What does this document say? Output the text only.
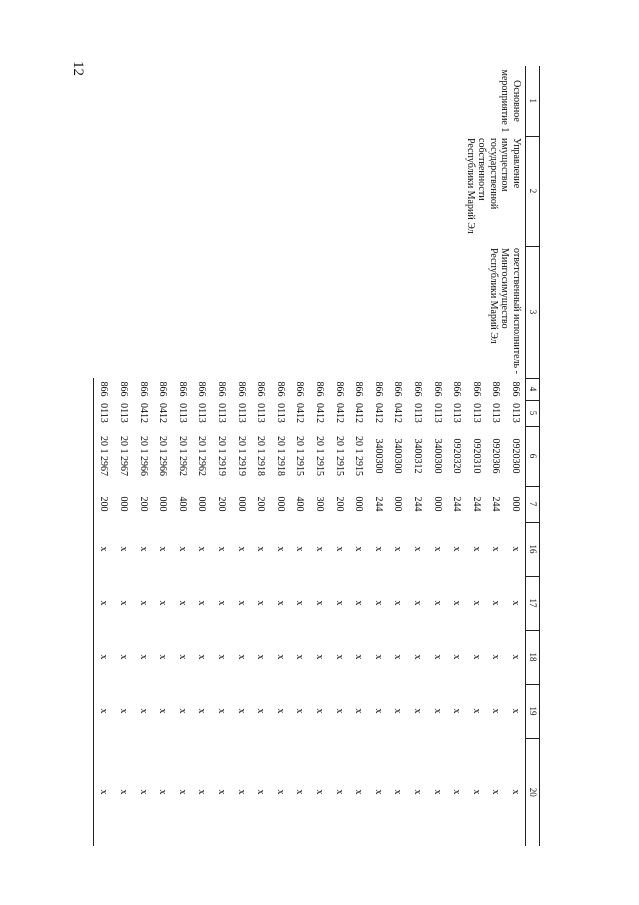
12
1	2	3	4	5	6	7	16	17	18	19	20
Основное мероприятие 1	Управление имуществом государственной собственности Республики Марий Эл	ответственный исполнитель - Мингосимущество Республики Марий Эл	866	0113	0920300	000	x	x	x	x	x
			866	0113	0920306	244	x	x	x	x	x
			866	0113	0920310	244	x	x	x	x	x
			866	0113	0920320	244	x	x	x	x	x
			866	0113	3400300	000	x	x	x	x	x
			866	0113	3400312	244	x	x	x	x	x
			866	0412	3400300	000	x	x	x	x	x
			866	0412	3400300	244	x	x	x	x	x
			866	0412	20 1 2915	000	x	x	x	x	x
			866	0412	20 1 2915	200	x	x	x	x	x
			866	0412	20 1 2915	300	x	x	x	x	x
			866	0412	20 1 2915	400	x	x	x	x	x
			866	0113	20 1 2918	000	x	x	x	x	x
			866	0113	20 1 2918	200	x	x	x	x	x
			866	0113	20 1 2919	000	x	x	x	x	x
			866	0113	20 1 2919	200	x	x	x	x	x
			866	0113	20 1 2962	000	x	x	x	x	x
			866	0113	20 1 2962	400	x	x	x	x	x
			866	0412	20 1 2966	000	x	x	x	x	x
			866	0412	20 1 2966	200	x	x	x	x	x
			866	0113	20 1 2967	000	x	x	x	x	x
			866	0113	20 1 2967	200	x	x	x	x	x
